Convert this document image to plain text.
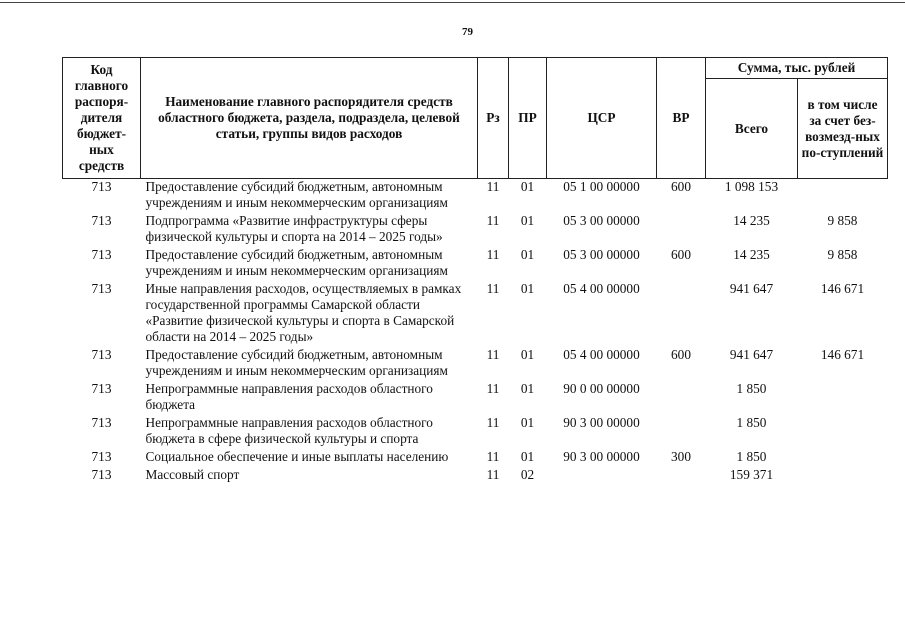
79
Код главного распоря-дителя бюджет-ных средств	Наименование главного распорядителя средств областного бюджета, раздела, подраздела, целевой статьи, группы видов расходов	Рз	ПР	ЦСР	ВР	Сумма, тыс. рублей	
						Всего	в том числе за счет без-возмезд-ных по-ступлений
713	Предоставление субсидий бюджетным, автономным учреждениям и иным некоммерческим организациям	11	01	05 1 00 00000	600	1 098 153	
713	Подпрограмма «Развитие инфраструктуры сферы физической культуры и спорта на 2014 – 2025 годы»	11	01	05 3 00 00000		14 235	9 858
713	Предоставление субсидий бюджетным, автономным учреждениям и иным некоммерческим организациям	11	01	05 3 00 00000	600	14 235	9 858
713	Иные направления расходов, осуществляемых в рамках государственной программы Самарской области «Развитие физической культуры и спорта в Самарской области на 2014 – 2025 годы»	11	01	05 4 00 00000		941 647	146 671
713	Предоставление субсидий бюджетным, автономным учреждениям и иным некоммерческим организациям	11	01	05 4 00 00000	600	941 647	146 671
713	Непрограммные направления расходов областного бюджета	11	01	90 0 00 00000		1 850	
713	Непрограммные направления расходов областного бюджета в сфере физической культуры и спорта	11	01	90 3 00 00000		1 850	
713	Социальное обеспечение и иные выплаты населению	11	01	90 3 00 00000	300	1 850	
713	Массовый спорт	11	02			159 371	
